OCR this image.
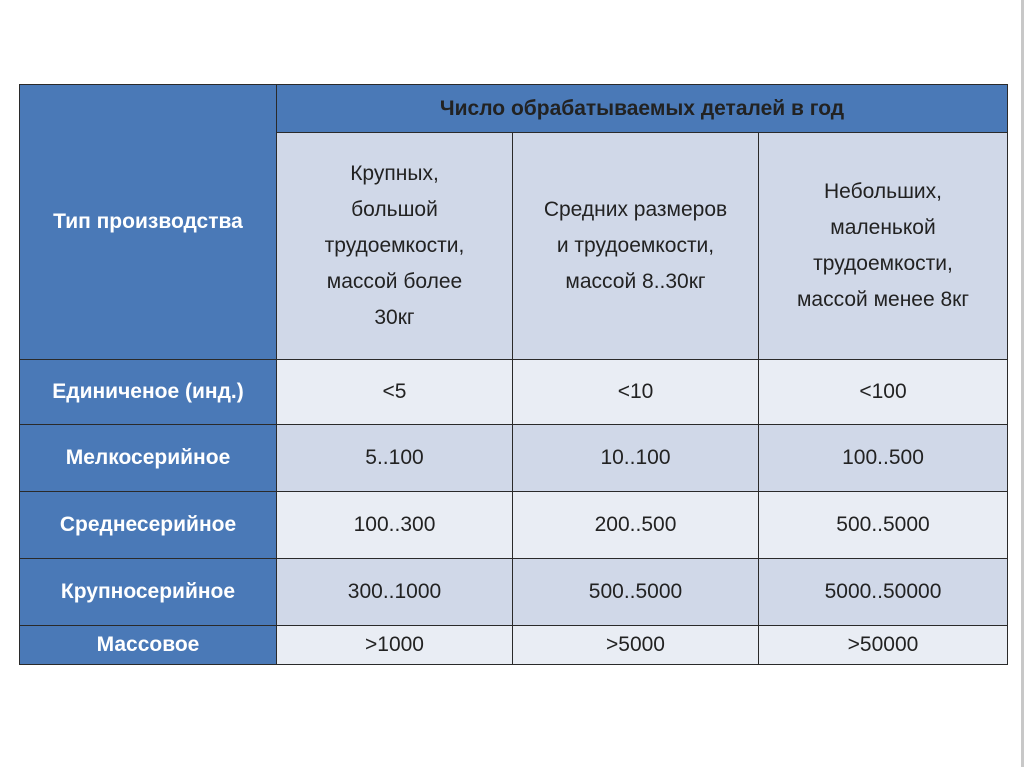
Тип производства	Число обрабатываемых деталей в год		
	Крупных,
большой
трудоемкости,
массой более
30кг	Средних размеров
и трудоемкости,
массой 8..30кг	Небольших,
маленькой
трудоемкости,
массой менее 8кг
Единиченое (инд.)	<5	<10	<100
Мелкосерийное	5..100	10..100	100..500
Среднесерийное	100..300	200..500	500..5000
Крупносерийное	300..1000	500..5000	5000..50000
Массовое	>1000	>5000	>50000
